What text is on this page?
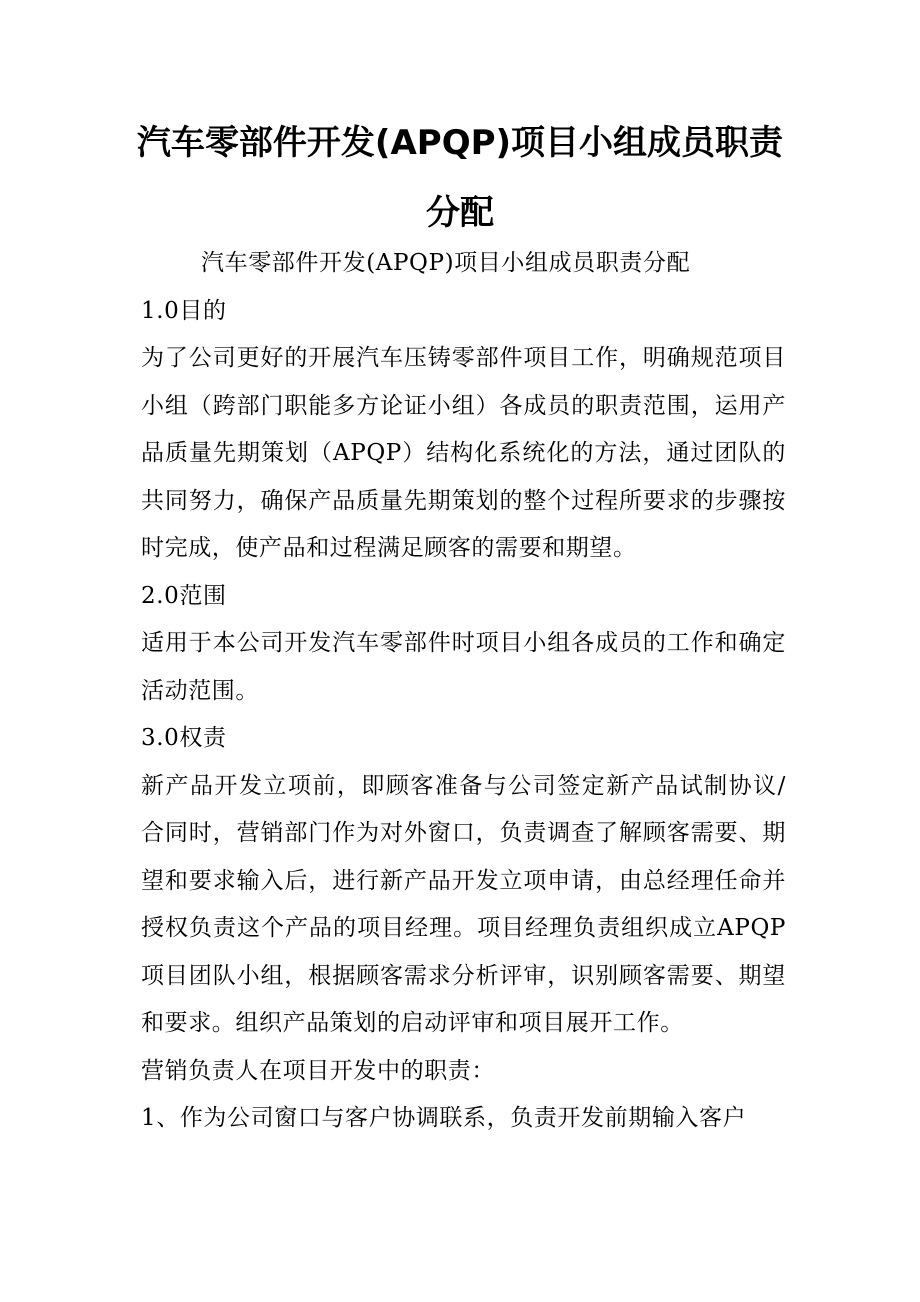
汽车零部件开发(APQP)项目小组成员职责
分配

汽车零部件开发(APQP)项目小组成员职责分配

1.0目的

为了公司更好的开展汽车压铸零部件项目工作，明确规范项目小组（跨部门职能多方论证小组）各成员的职责范围，运用产品质量先期策划（APQP）结构化系统化的方法，通过团队的共同努力，确保产品质量先期策划的整个过程所要求的步骤按时完成，使产品和过程满足顾客的需要和期望。

2.0范围

适用于本公司开发汽车零部件时项目小组各成员的工作和确定活动范围。

3.0权责

新产品开发立项前，即顾客准备与公司签定新产品试制协议/合同时，营销部门作为对外窗口，负责调查了解顾客需要、期望和要求输入后，进行新产品开发立项申请，由总经理任命并授权负责这个产品的项目经理。项目经理负责组织成立APQP项目团队小组，根据顾客需求分析评审，识别顾客需要、期望和要求。组织产品策划的启动评审和项目展开工作。

营销负责人在项目开发中的职责：

1、作为公司窗口与客户协调联系，负责开发前期输入客户
